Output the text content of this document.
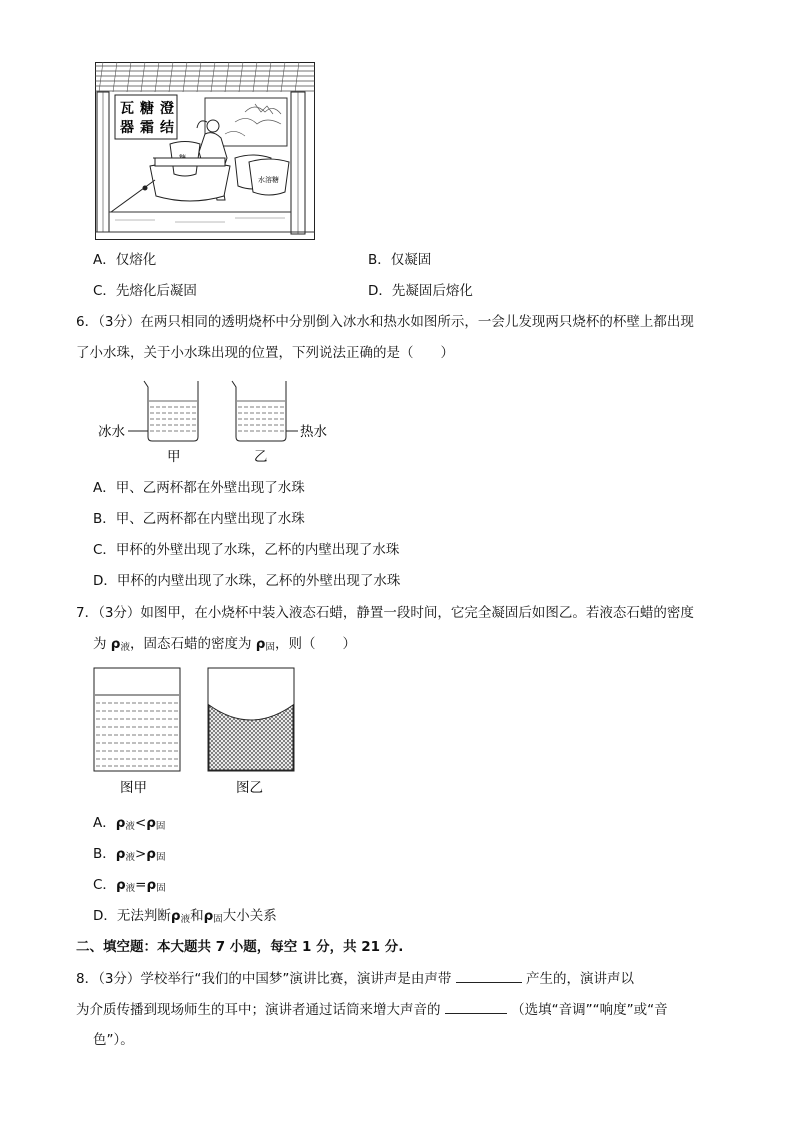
瓦
器
糖
霜
澄
结
水溶糖
A．仅熔化	B．仅凝固
C．先熔化后凝固	D．先凝固后熔化
6．（3分）在两只相同的透明烧杯中分别倒入冰水和热水如图所示，一会儿发现两只烧杯的杯壁上都出现
了小水珠，关于小水珠出现的位置，下列说法正确的是（　　）
冰水
甲
热水
乙
A．甲、乙两杯都在外壁出现了水珠
B．甲、乙两杯都在内壁出现了水珠
C．甲杯的外壁出现了水珠，乙杯的内壁出现了水珠
D．甲杯的内壁出现了水珠，乙杯的外壁出现了水珠
7．（3分）如图甲，在小烧杯中装入液态石蜡，静置一段时间，它完全凝固后如图乙。若液态石蜡的密度
为 $\rho_液$，固态石蜡的密度为 $\rho_固$，则（　　）
图甲	图乙
A．$\rho_液<\rho_固$
B．$\rho_液>\rho_固$
C．$\rho_液=\rho_固$
D．无法判断$\rho_液$和$\rho_固$大小关系
二、填空题：本大题共 7 小题，每空 1 分，共 21 分.
8．（3分）学校举行“我们的中国梦”演讲比赛，演讲声是由声带	产生的，演讲声以
为介质传播到现场师生的耳中；演讲者通过话筒来增大声音的	（选填“音调”“响度”或“音
色”）。
